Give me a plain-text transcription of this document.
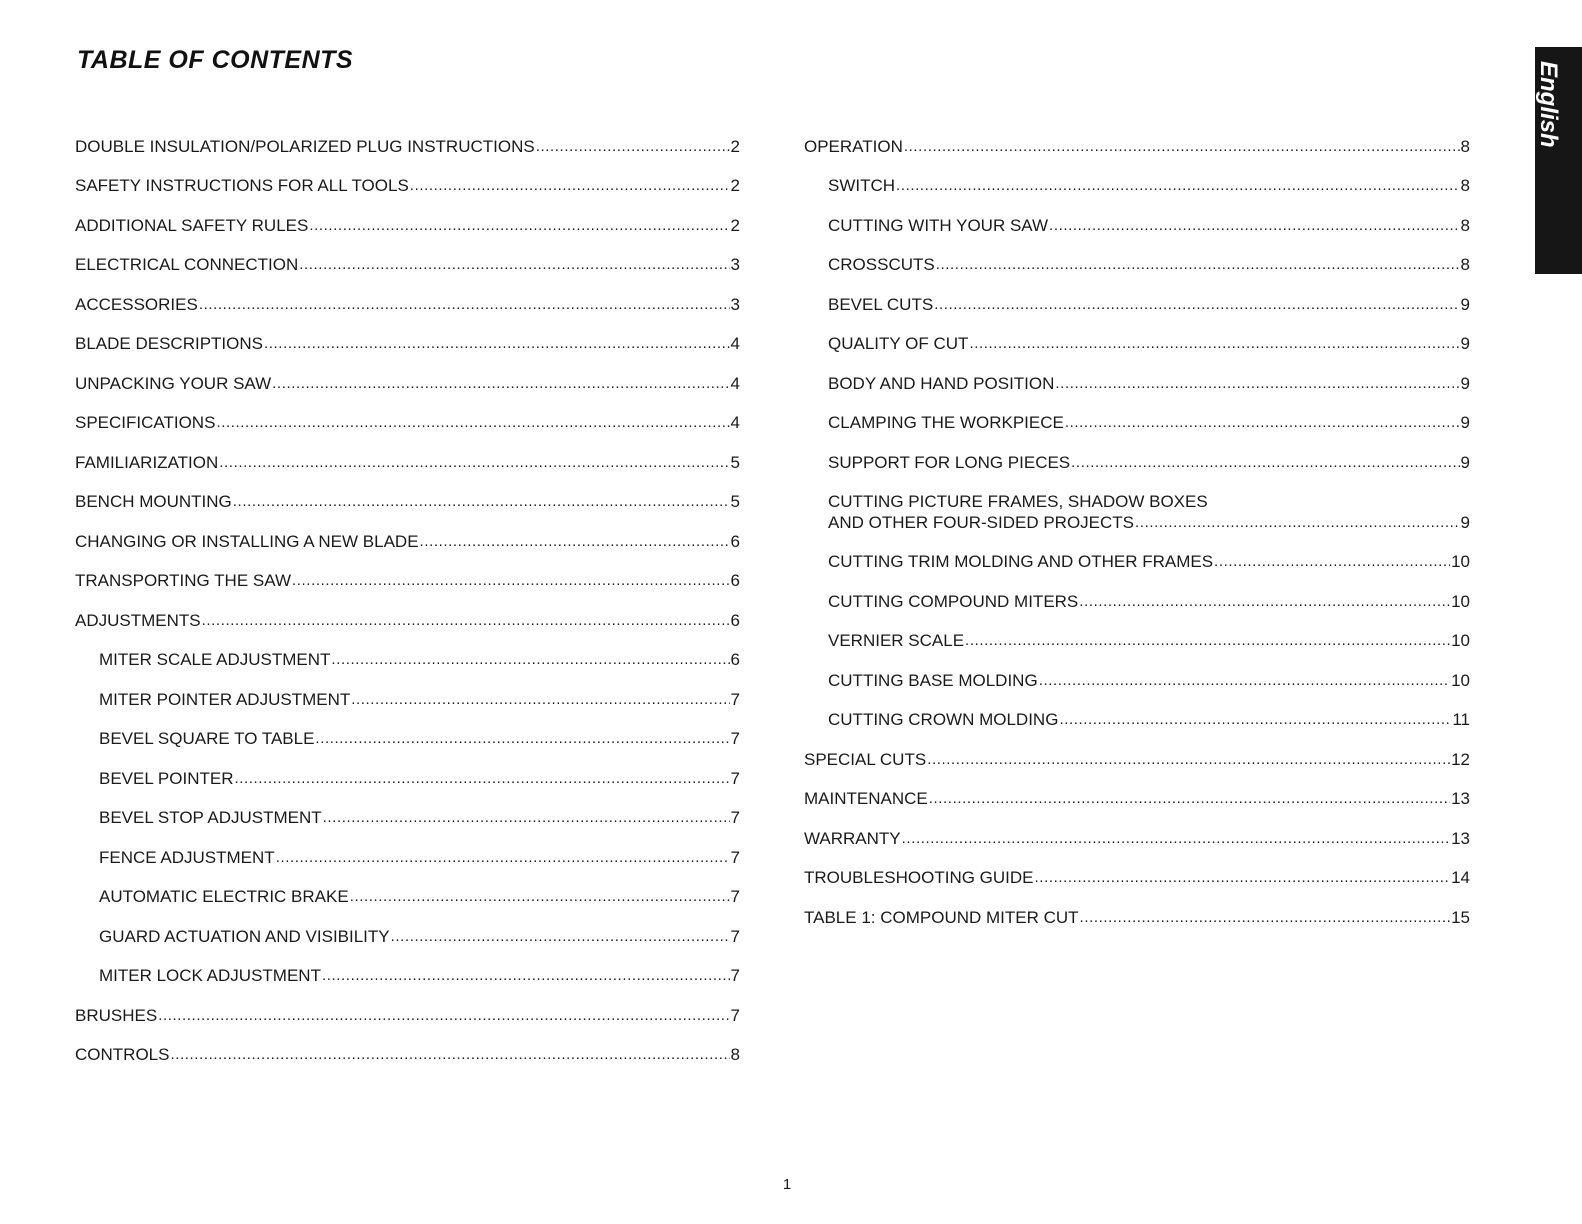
TABLE OF CONTENTS
English
DOUBLE INSULATION/POLARIZED PLUG INSTRUCTIONS .....	2
SAFETY INSTRUCTIONS FOR ALL TOOLS .....	2
ADDITIONAL SAFETY RULES .....	2
ELECTRICAL CONNECTION .....	3
ACCESSORIES .....	3
BLADE DESCRIPTIONS .....	4
UNPACKING YOUR SAW .....	4
SPECIFICATIONS .....	4
FAMILIARIZATION .....	5
BENCH MOUNTING .....	5
CHANGING OR INSTALLING A NEW BLADE .....	6
TRANSPORTING THE SAW .....	6
ADJUSTMENTS .....	6
MITER SCALE ADJUSTMENT .....	6
MITER POINTER ADJUSTMENT .....	7
BEVEL SQUARE TO TABLE .....	7
BEVEL POINTER .....	7
BEVEL STOP ADJUSTMENT .....	7
FENCE ADJUSTMENT .....	7
AUTOMATIC ELECTRIC BRAKE .....	7
GUARD ACTUATION AND VISIBILITY .....	7
MITER LOCK ADJUSTMENT .....	7
BRUSHES .....	7
CONTROLS .....	8
OPERATION .....	8
SWITCH .....	8
CUTTING WITH YOUR SAW .....	8
CROSSCUTS .....	8
BEVEL CUTS .....	9
QUALITY OF CUT .....	9
BODY AND HAND POSITION .....	9
CLAMPING THE WORKPIECE .....	9
SUPPORT FOR LONG PIECES .....	9
CUTTING PICTURE FRAMES, SHADOW BOXES
AND OTHER FOUR-SIDED PROJECTS .....	9
CUTTING TRIM MOLDING AND OTHER FRAMES .....	10
CUTTING COMPOUND MITERS .....	10
VERNIER SCALE .....	10
CUTTING BASE MOLDING .....	10
CUTTING CROWN MOLDING .....	11
SPECIAL CUTS .....	12
MAINTENANCE .....	13
WARRANTY .....	13
TROUBLESHOOTING GUIDE .....	14
TABLE 1: COMPOUND MITER CUT .....	15
1
